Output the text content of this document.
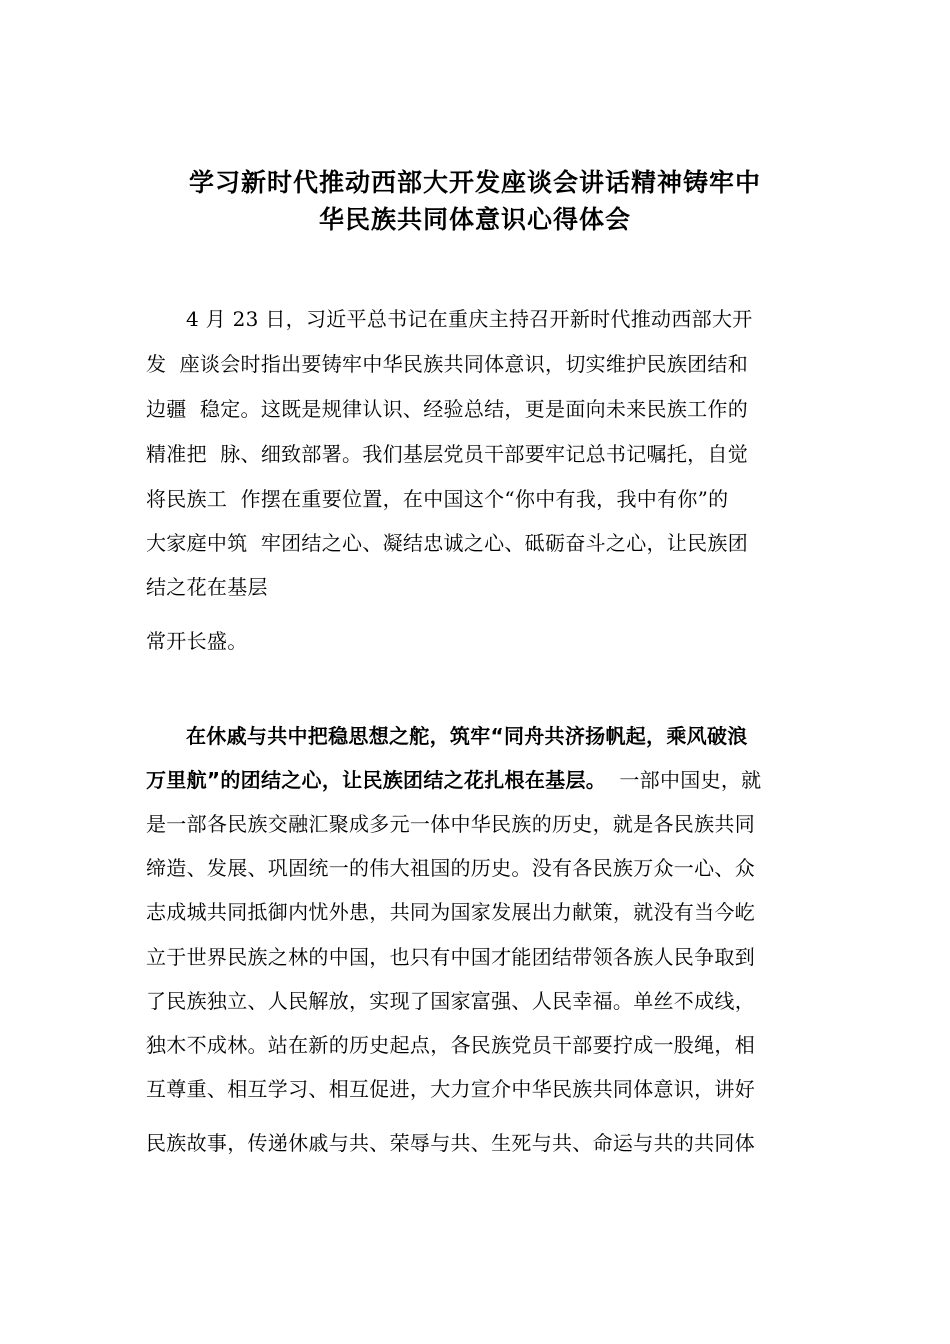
学习新时代推动西部大开发座谈会讲话精神铸牢中
华民族共同体意识心得体会
4 月 23 日，习近平总书记在重庆主持召开新时代推动西部大开
发  座谈会时指出要铸牢中华民族共同体意识，切实维护民族团结和
边疆  稳定。这既是规律认识、经验总结，更是面向未来民族工作的
精准把  脉、细致部署。我们基层党员干部要牢记总书记嘱托，自觉
将民族工  作摆在重要位置，在中国这个“你中有我，我中有你”的
大家庭中筑  牢团结之心、凝结忠诚之心、砥砺奋斗之心，让民族团
结之花在基层
常开长盛。
在休戚与共中把稳思想之舵，筑牢“同舟共济扬帆起，乘风破浪
万里航”的团结之心，让民族团结之花扎根在基层。 一部中国史，就
是一部各民族交融汇聚成多元一体中华民族的历史，就是各民族共同
缔造、发展、巩固统一的伟大祖国的历史。没有各民族万众一心、众
志成城共同抵御内忧外患，共同为国家发展出力献策，就没有当今屹
立于世界民族之林的中国，也只有中国才能团结带领各族人民争取到
了民族独立、人民解放，实现了国家富强、人民幸福。单丝不成线，
独木不成林。站在新的历史起点，各民族党员干部要拧成一股绳，相
互尊重、相互学习、相互促进，大力宣介中华民族共同体意识，讲好
民族故事，传递休戚与共、荣辱与共、生死与共、命运与共的共同体
